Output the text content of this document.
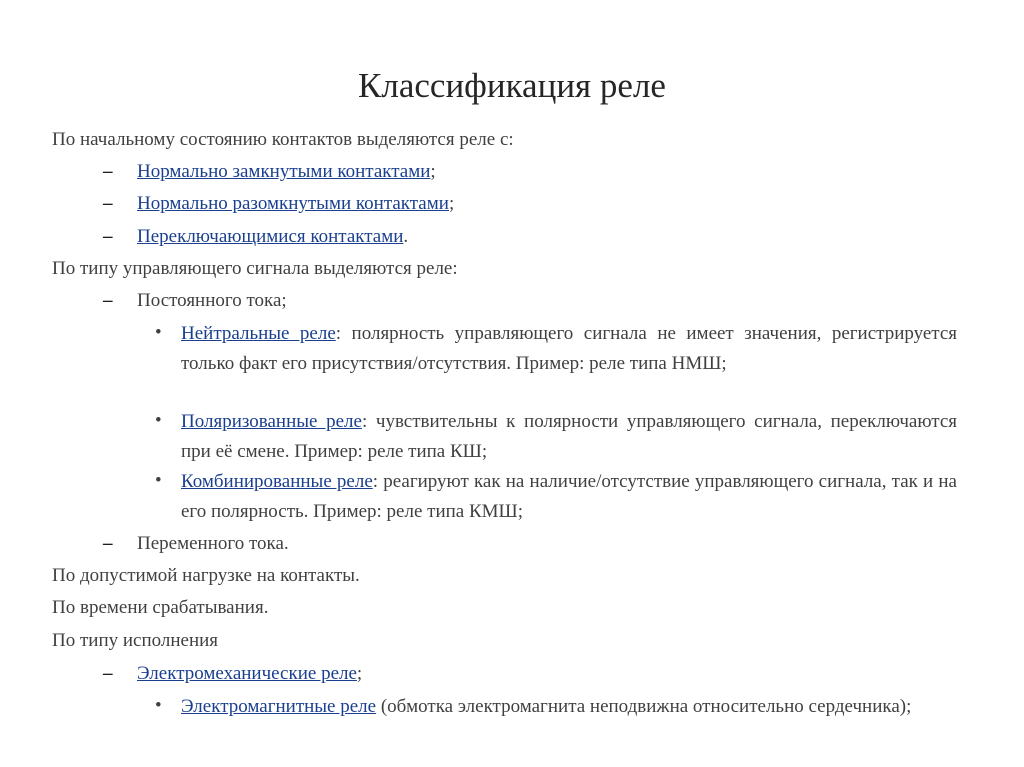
Классификация реле
По начальному состоянию контактов выделяются реле с:
– Нормально замкнутыми контактами;
– Нормально разомкнутыми контактами;
– Переключающимися контактами.
По типу управляющего сигнала выделяются реле:
– Постоянного тока;
• Нейтральные реле: полярность управляющего сигнала не имеет значения, регистрируется только факт его присутствия/отсутствия. Пример: реле типа НМШ;
• Поляризованные реле: чувствительны к полярности управляющего сигнала, переключаются при её смене. Пример: реле типа КШ;
• Комбинированные реле: реагируют как на наличие/отсутствие управляющего сигнала, так и на его полярность. Пример: реле типа КМШ;
– Переменного тока.
По допустимой нагрузке на контакты.
По времени срабатывания.
По типу исполнения
– Электромеханические реле;
• Электромагнитные реле (обмотка электромагнита неподвижна относительно сердечника);
